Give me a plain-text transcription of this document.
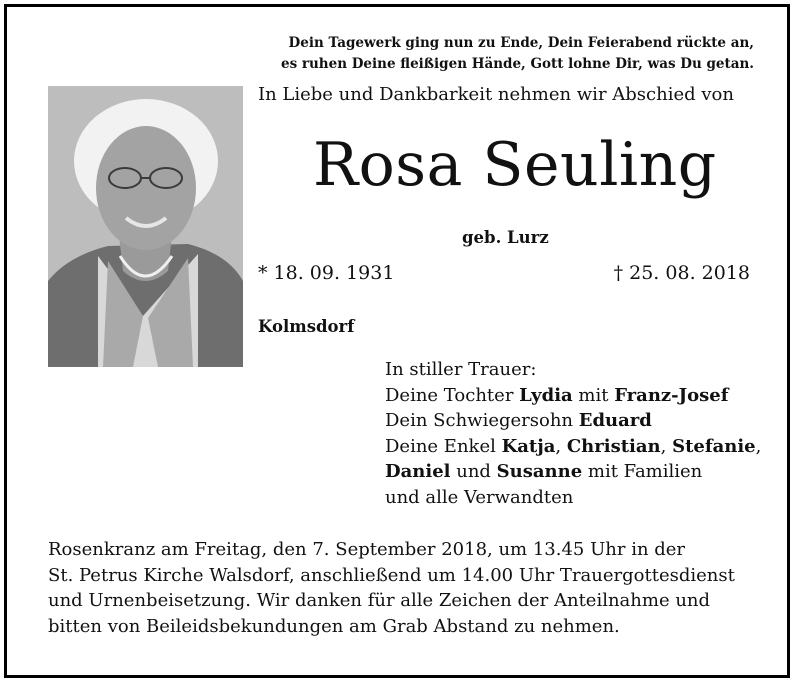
Dein Tagewerk ging nun zu Ende, Dein Feierabend rückte an,
es ruhen Deine fleißigen Hände, Gott lohne Dir, was Du getan.
In Liebe und Dankbarkeit nehmen wir Abschied von
Rosa Seuling
geb. Lurz
* 18. 09. 1931	† 25. 08. 2018
Kolmsdorf
In stiller Trauer:
Deine Tochter Lydia mit Franz-Josef
Dein Schwiegersohn Eduard
Deine Enkel Katja, Christian, Stefanie,
Daniel und Susanne mit Familien
und alle Verwandten
Rosenkranz am Freitag, den 7. September 2018, um 13.45 Uhr in der
St. Petrus Kirche Walsdorf, anschließend um 14.00 Uhr Trauergottesdienst
und Urnenbeisetzung. Wir danken für alle Zeichen der Anteilnahme und
bitten von Beileidsbekundungen am Grab Abstand zu nehmen.
